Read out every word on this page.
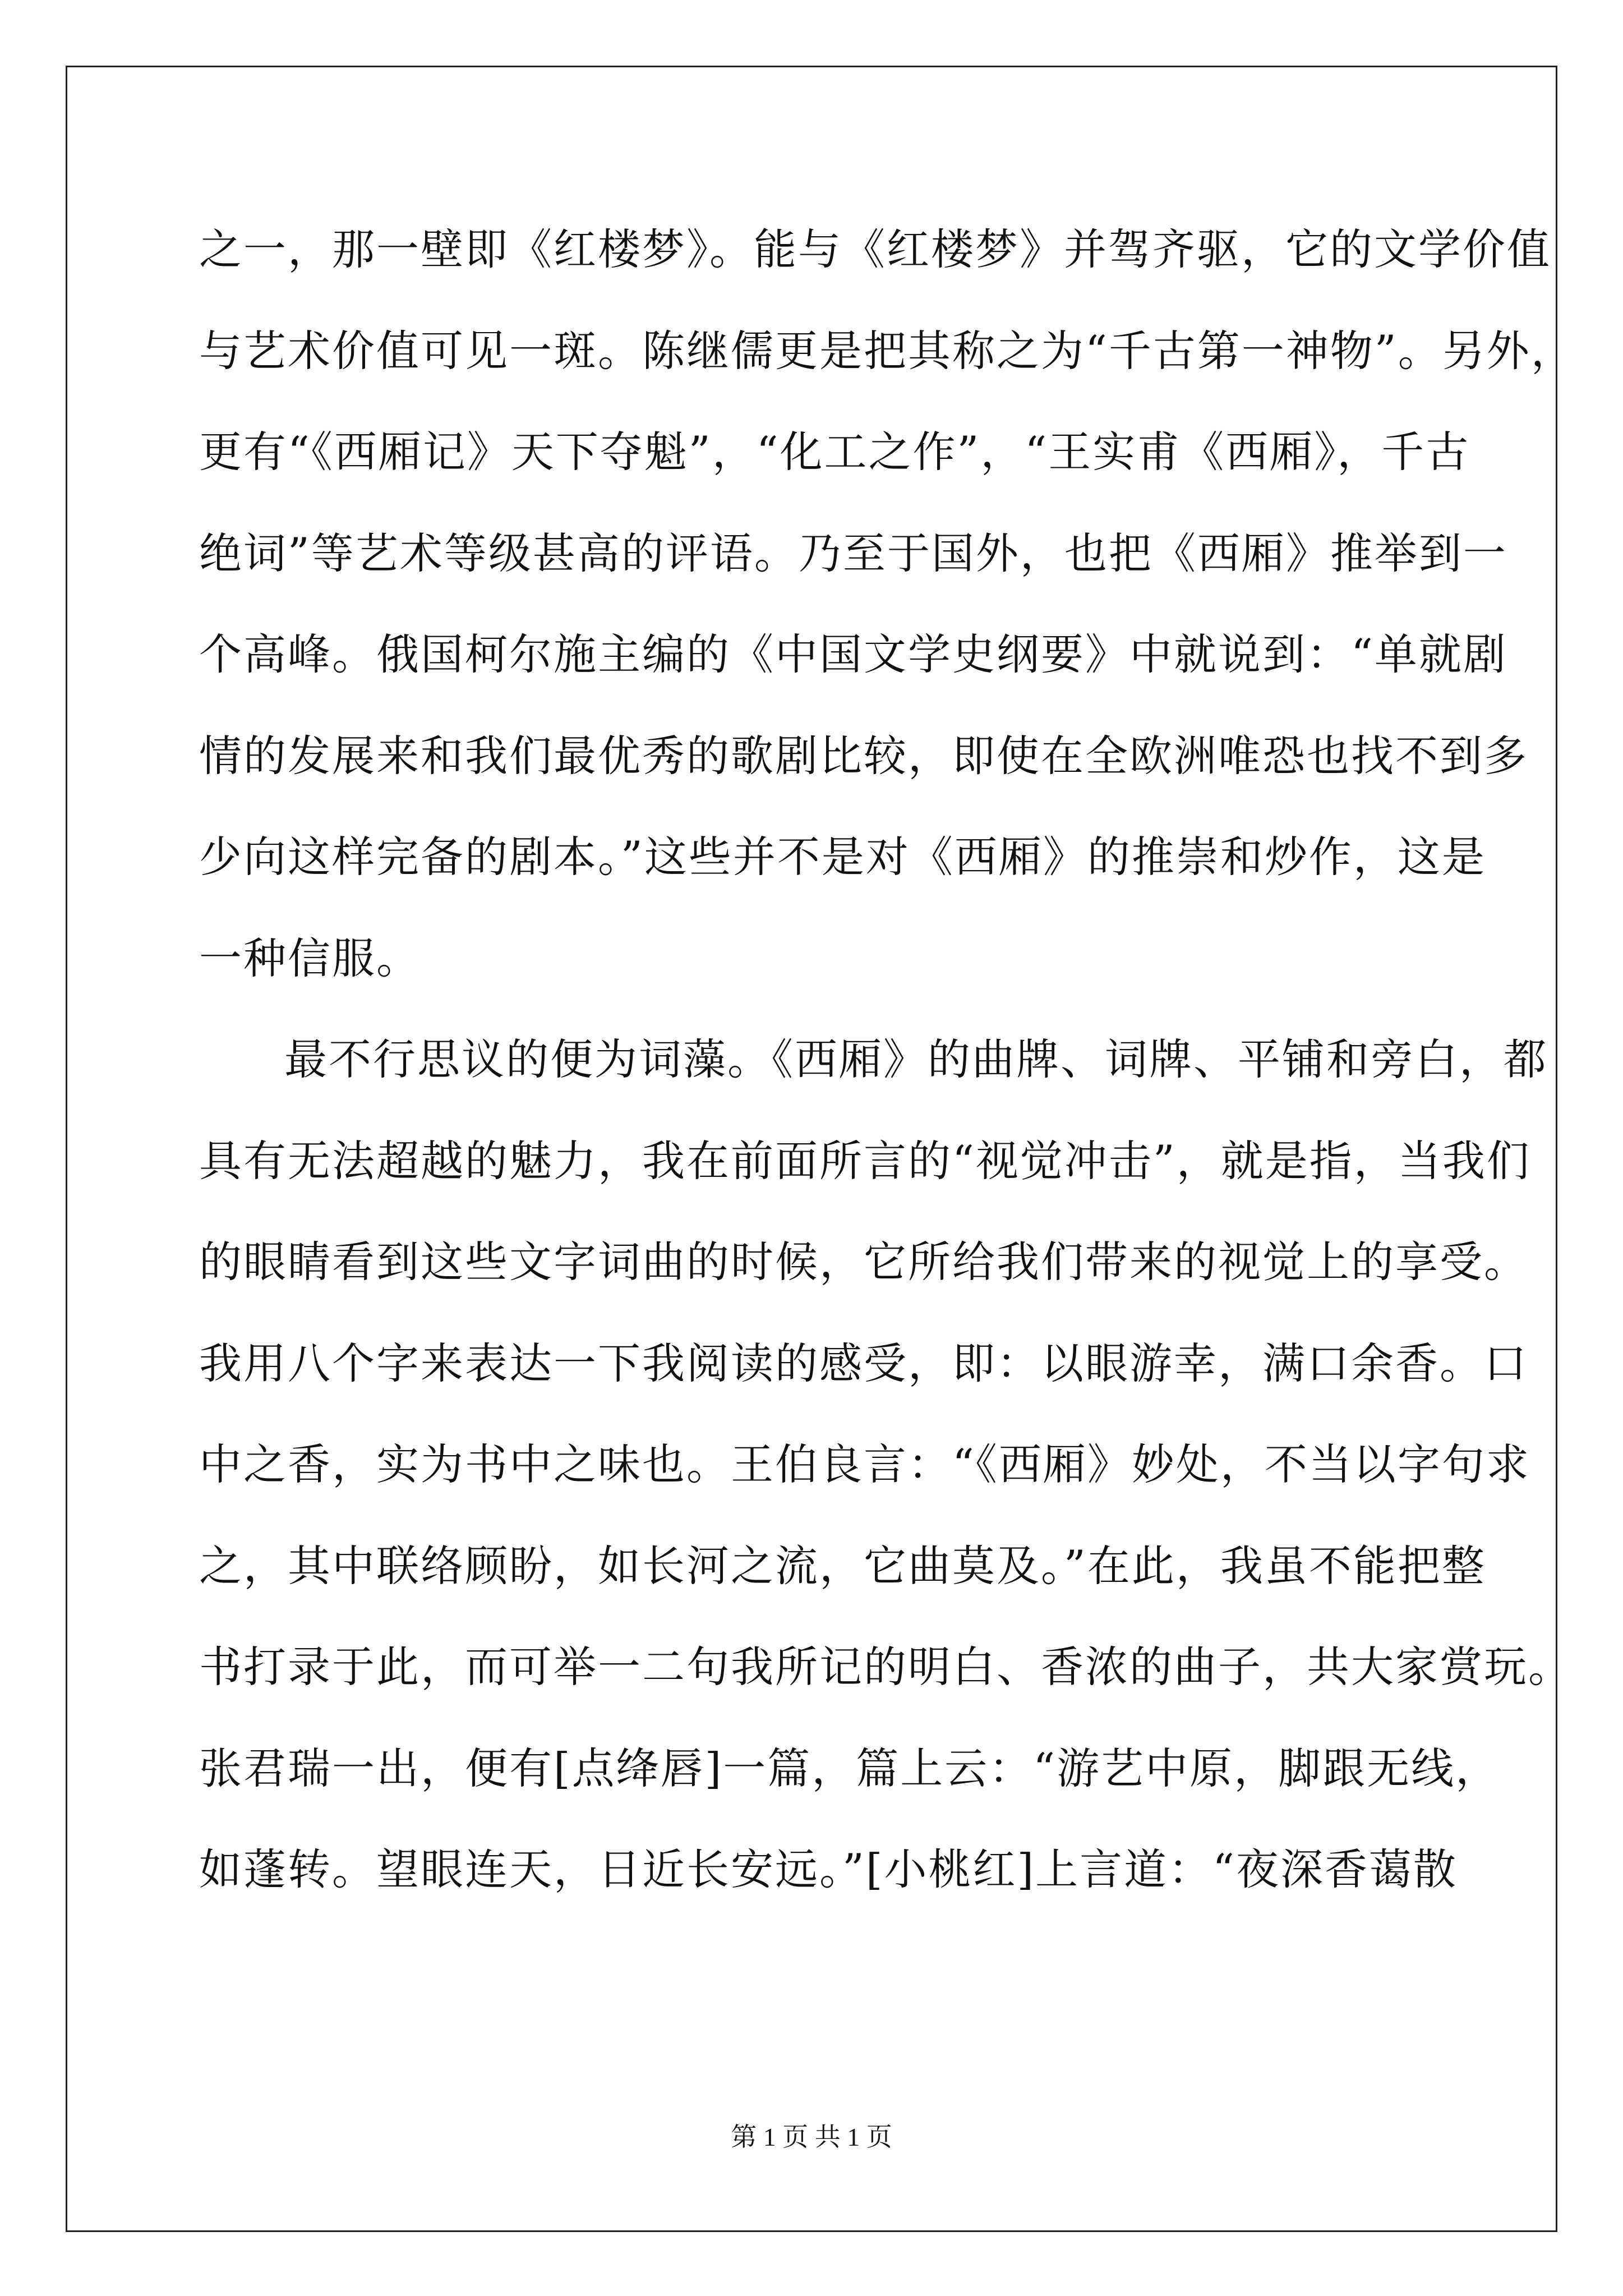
之一，那一壁即《红楼梦》。能与《红楼梦》并驾齐驱，它的文学价值
与艺术价值可见一斑。陈继儒更是把其称之为“千古第一神物”。另外，
更有“《西厢记》天下夺魁”，“化工之作”，“王实甫《西厢》，千古
绝词”等艺术等级甚高的评语。乃至于国外，也把《西厢》推举到一
个高峰。俄国柯尔施主编的《中国文学史纲要》中就说到：“单就剧
情的发展来和我们最优秀的歌剧比较，即使在全欧洲唯恐也找不到多
少向这样完备的剧本。”这些并不是对《西厢》的推崇和炒作，这是
一种信服。
最不行思议的便为词藻。《西厢》的曲牌、词牌、平铺和旁白，都
具有无法超越的魅力，我在前面所言的“视觉冲击”，就是指，当我们
的眼睛看到这些文字词曲的时候，它所给我们带来的视觉上的享受。
我用八个字来表达一下我阅读的感受，即：以眼游幸，满口余香。口
中之香，实为书中之味也。王伯良言：“《西厢》妙处，不当以字句求
之，其中联络顾盼，如长河之流，它曲莫及。”在此，我虽不能把整
书打录于此，而可举一二句我所记的明白、香浓的曲子，共大家赏玩。
张君瑞一出，便有[点绛唇]一篇，篇上云：“游艺中原，脚跟无线，
如蓬转。望眼连天，日近长安远。”[小桃红]上言道：“夜深香蔼散
第 1 页 共 1 页
